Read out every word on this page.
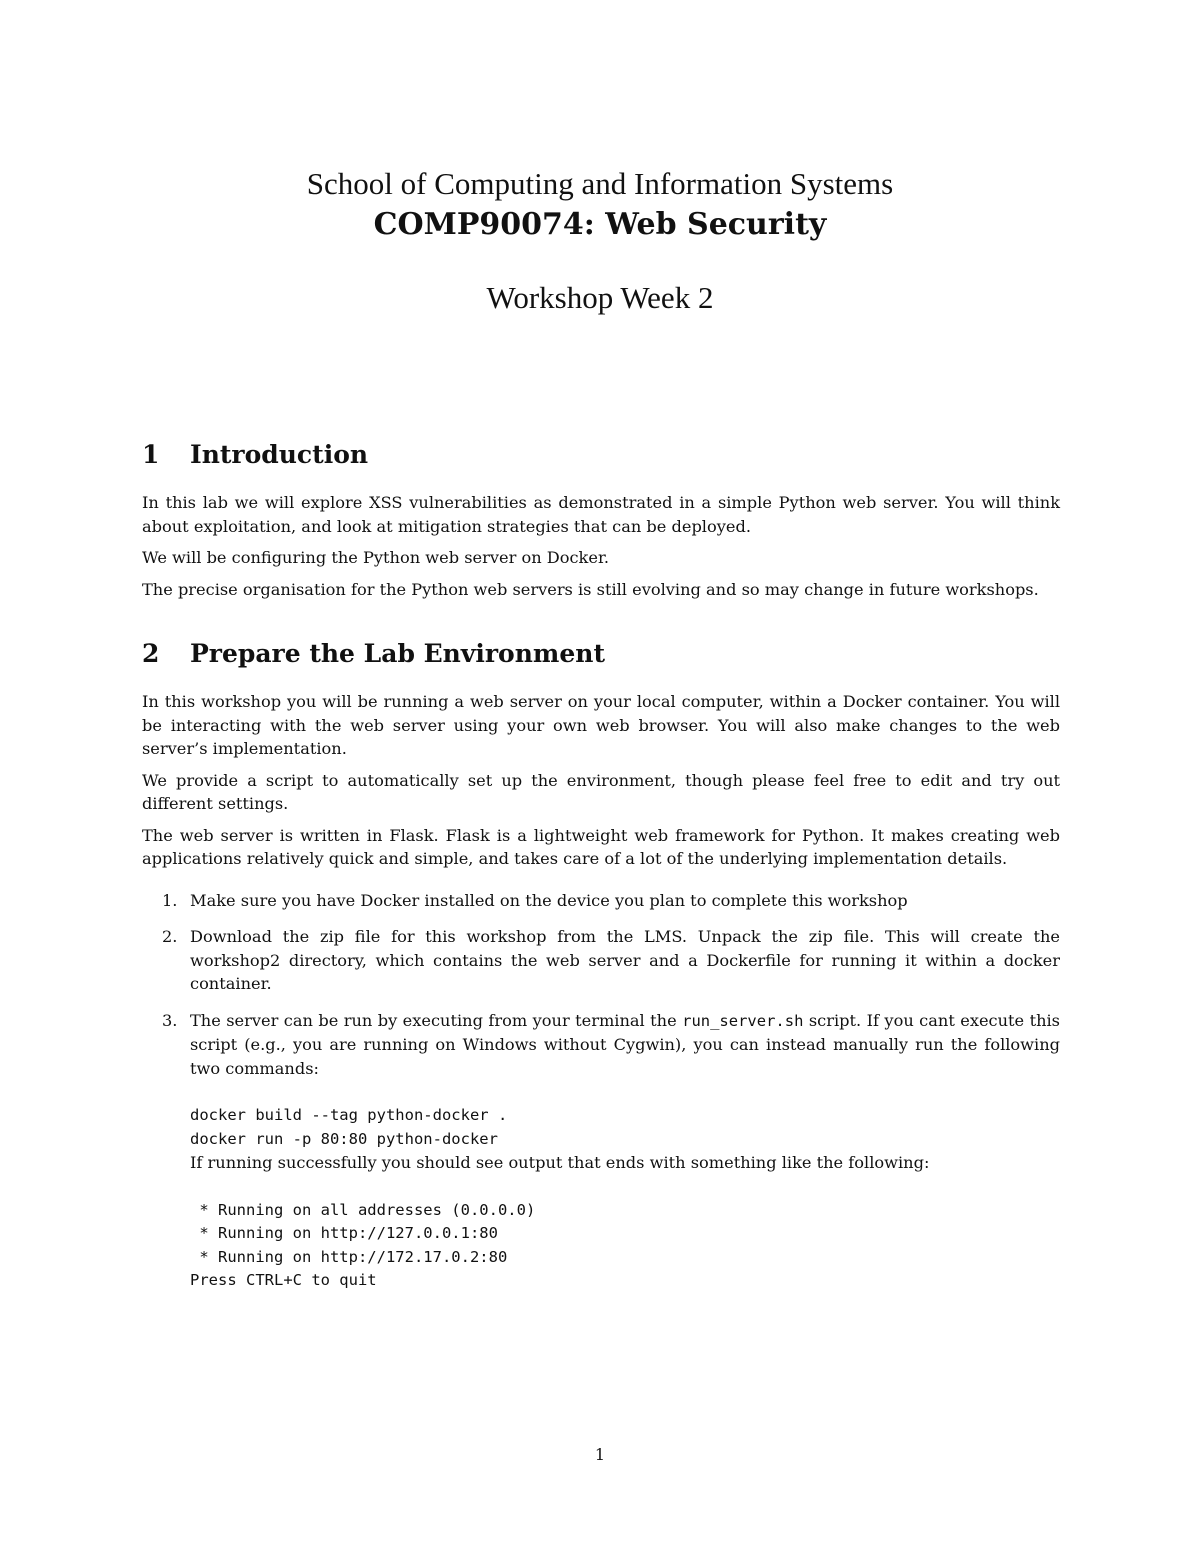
School of Computing and Information Systems
COMP90074: Web Security
Workshop Week 2
1	Introduction

In this lab we will explore XSS vulnerabilities as demonstrated in a simple Python web server. You will think about exploitation, and look at mitigation strategies that can be deployed.

We will be configuring the Python web server on Docker.

The precise organisation for the Python web servers is still evolving and so may change in future workshops.

2	Prepare the Lab Environment

In this workshop you will be running a web server on your local computer, within a Docker container. You will be interacting with the web server using your own web browser. You will also make changes to the web server’s implementation.

We provide a script to automatically set up the environment, though please feel free to edit and try out different settings.

The web server is written in Flask. Flask is a lightweight web framework for Python. It makes creating web applications relatively quick and simple, and takes care of a lot of the underlying implementation details.

1. Make sure you have Docker installed on the device you plan to complete this workshop

2. Download the zip file for this workshop from the LMS. Unpack the zip file. This will create the workshop2 directory, which contains the web server and a Dockerfile for running it within a docker container.

3. The server can be run by executing from your terminal the run_server.sh script. If you cant execute this script (e.g., you are running on Windows without Cygwin), you can instead manually run the following two commands:

docker build --tag python-docker .
docker run -p 80:80 python-docker

If running successfully you should see output that ends with something like the following:

* Running on all addresses (0.0.0.0)
* Running on http://127.0.0.1:80
* Running on http://172.17.0.2:80
Press CTRL+C to quit
1
